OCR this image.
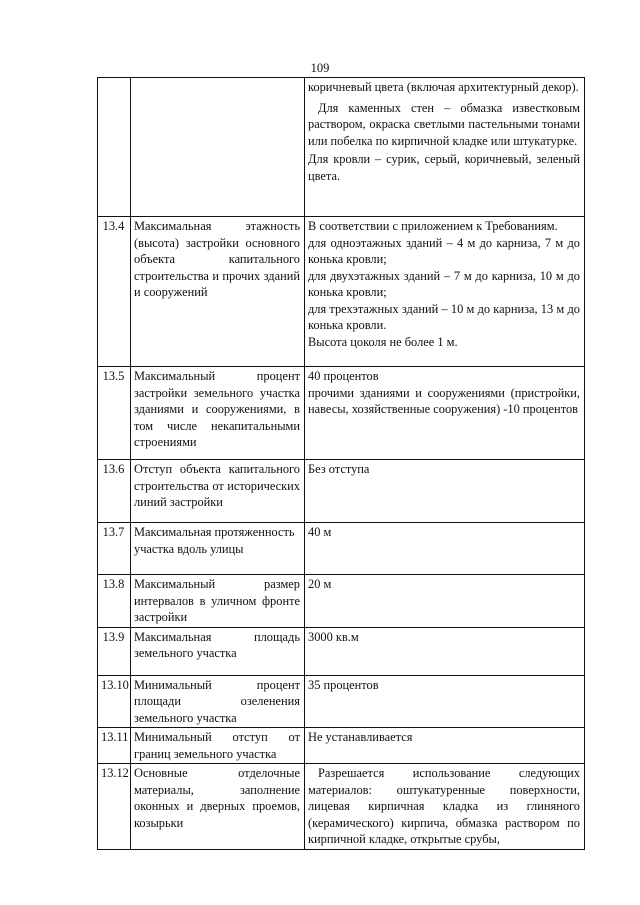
109

		коричневый цвета (включая архитектурный декор).

Для каменных стен – обмазка известковым раствором, окраска светлыми пастельными тонами или побелка по кирпичной кладке или штукатурке.

Для кровли – сурик, серый, коричневый, зеленый цвета.

13.4	Максимальная этажность (высота) застройки основного объекта капитального строительства и прочих зданий и сооружений	В соответствии с приложением к Требованиям.

для одноэтажных зданий – 4 м до карниза, 7 м до конька кровли;

для двухэтажных зданий – 7 м до карниза, 10 м до конька кровли;

для трехэтажных зданий – 10 м до карниза, 13 м до конька кровли.

Высота цоколя не более 1 м.

13.5	Максимальный процент застройки земельного участка зданиями и сооружениями, в том числе некапитальными строениями	40 процентов

прочими зданиями и сооружениями (пристройки, навесы, хозяйственные сооружения) -10 процентов

13.6	Отступ объекта капитального строительства от исторических линий застройки	Без отступа

13.7	Максимальная протяженность участка вдоль улицы	40 м

13.8	Максимальный размер интервалов в уличном фронте застройки	20 м

13.9	Максимальная площадь земельного участка	3000 кв.м

13.10	Минимальный процент площади озеленения земельного участка	35 процентов

13.11	Минимальный отступ от границ земельного участка	Не устанавливается

13.12	Основные отделочные материалы, заполнение оконных и дверных проемов, козырьки	Разрешается использование следующих материалов: оштукатуренные поверхности, лицевая кирпичная кладка из глиняного (керамического) кирпича, обмазка раствором по кирпичной кладке, открытые срубы,
